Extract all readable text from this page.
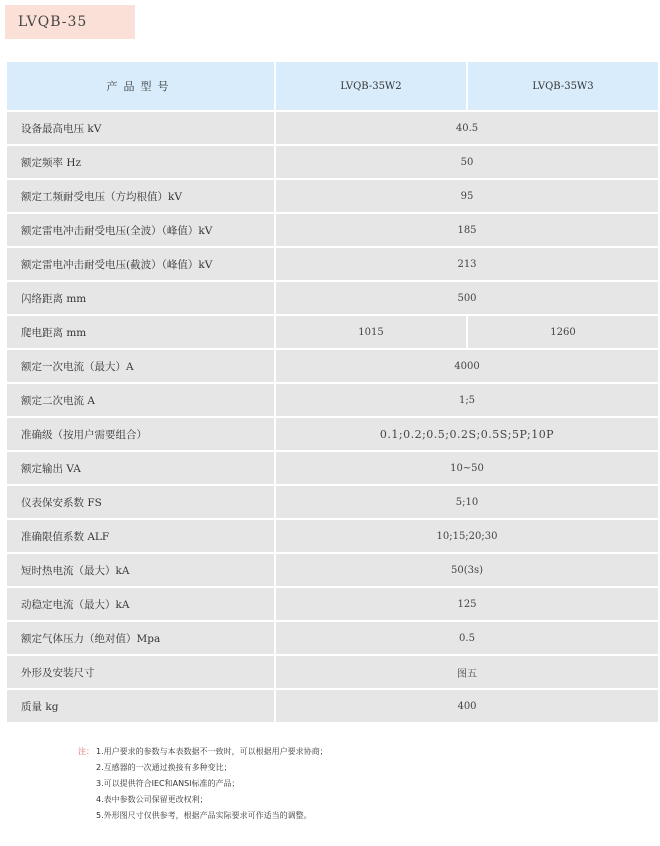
LVQB-35
产品型号	LVQB-35W2	LVQB-35W3
设备最高电压 kV	40.5	
额定频率 Hz	50	
额定工频耐受电压（方均根值）kV	95	
额定雷电冲击耐受电压(全波）（峰值）kV	185	
额定雷电冲击耐受电压(截波）（峰值）kV	213	
闪络距离 mm	500	
爬电距离 mm	1015	1260
额定一次电流（最大）A	4000	
额定二次电流 A	1;5	
准确级（按用户需要组合）	0.1;0.2;0.5;0.2S;0.5S;5P;10P	
额定输出 VA	10~50	
仪表保安系数 FS	5;10	
准确限值系数 ALF	10;15;20;30	
短时热电流（最大）kA	50(3s)	
动稳定电流（最大）kA	125	
额定气体压力（绝对值）Mpa	0.5	
外形及安装尺寸	图五	
质量 kg	400	
注： 1.用户要求的参数与本表数据不一致时，可以根据用户要求协商；
2.互感器的一次通过换接有多种变比；
3.可以提供符合IEC和ANSI标准的产品；
4.表中参数公司保留更改权利；
5.外形图尺寸仅供参考，根据产品实际要求可作适当的调整。
